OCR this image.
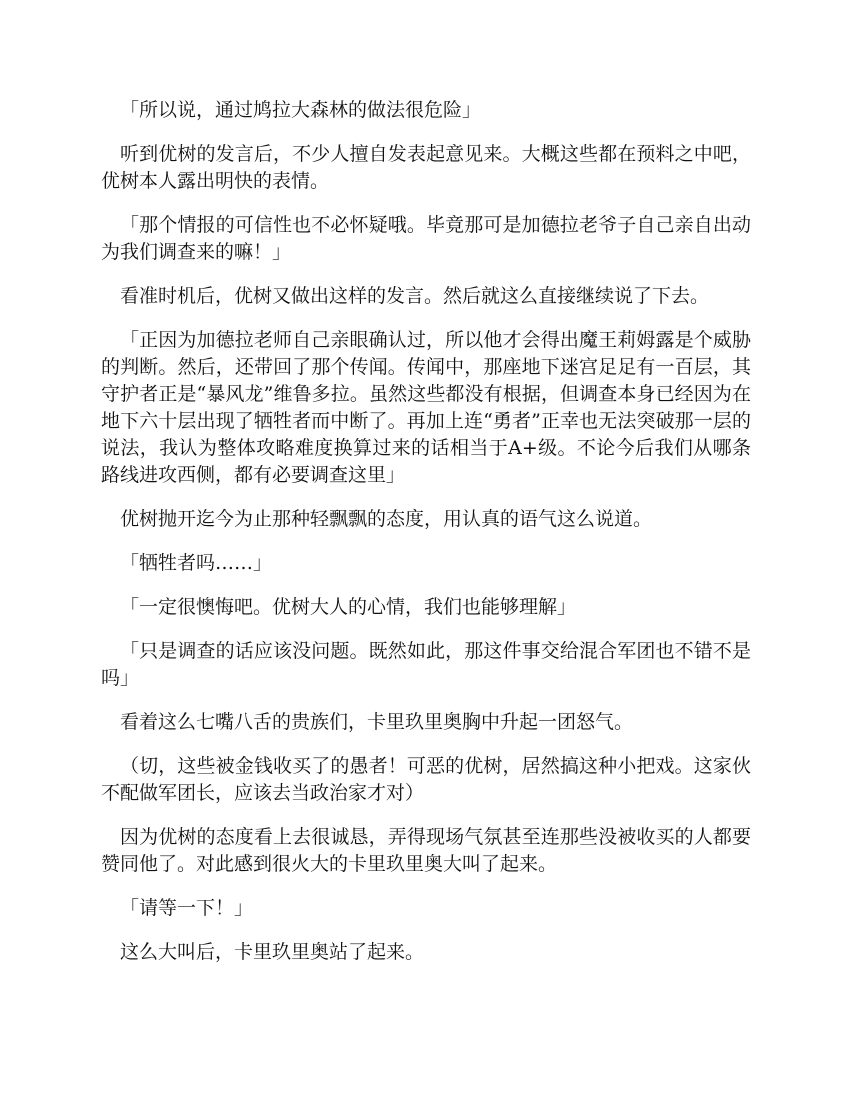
「所以说，通过鸠拉大森林的做法很危险」

听到优树的发言后，不少人擅自发表起意见来。大概这些都在预料之中吧，优树本人露出明快的表情。

「那个情报的可信性也不必怀疑哦。毕竟那可是加德拉老爷子自己亲自出动为我们调查来的嘛！」

看准时机后，优树又做出这样的发言。然后就这么直接继续说了下去。

「正因为加德拉老师自己亲眼确认过，所以他才会得出魔王莉姆露是个威胁的判断。然后，还带回了那个传闻。传闻中，那座地下迷宫足足有一百层，其守护者正是“暴风龙”维鲁多拉。虽然这些都没有根据，但调查本身已经因为在地下六十层出现了牺牲者而中断了。再加上连“勇者”正幸也无法突破那一层的说法，我认为整体攻略难度换算过来的话相当于A+级。不论今后我们从哪条路线进攻西侧，都有必要调查这里」

优树抛开迄今为止那种轻飘飘的态度，用认真的语气这么说道。

「牺牲者吗……」

「一定很懊悔吧。优树大人的心情，我们也能够理解」

「只是调查的话应该没问题。既然如此，那这件事交给混合军团也不错不是吗」

看着这么七嘴八舌的贵族们，卡里玖里奥胸中升起一团怒气。

（切，这些被金钱收买了的愚者！可恶的优树，居然搞这种小把戏。这家伙不配做军团长，应该去当政治家才对）

因为优树的态度看上去很诚恳，弄得现场气氛甚至连那些没被收买的人都要赞同他了。对此感到很火大的卡里玖里奥大叫了起来。

「请等一下！」

这么大叫后，卡里玖里奥站了起来。
